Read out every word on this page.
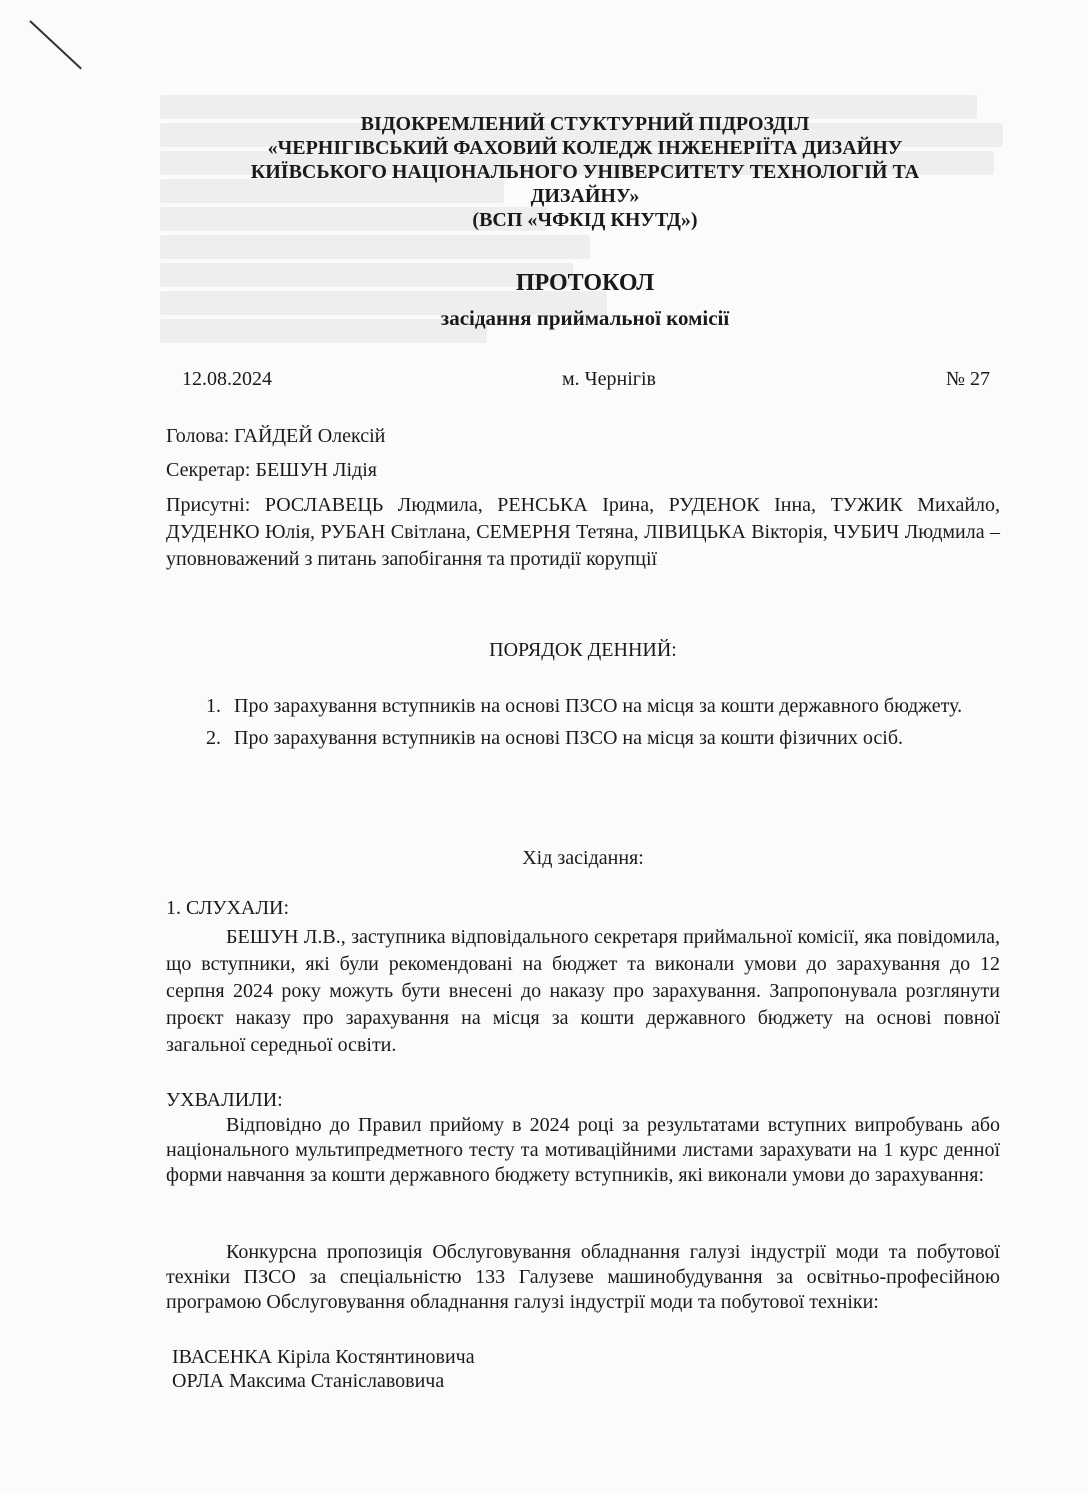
ВІДОКРЕМЛЕНИЙ СТУКТУРНИЙ ПІДРОЗДІЛ
«ЧЕРНІГІВСЬКИЙ ФАХОВИЙ КОЛЕДЖ ІНЖЕНЕРІЇТА ДИЗАЙНУ
КИЇВСЬКОГО НАЦІОНАЛЬНОГО УНІВЕРСИТЕТУ ТЕХНОЛОГІЙ ТА
ДИЗАЙНУ»
(ВСП «ЧФКІД КНУТД»)
ПРОТОКОЛ
засідання приймальної комісії
12.08.2024	м. Чернігів	№ 27
Голова: ГАЙДЕЙ Олексій
Секретар: БЕШУН Лідія
Присутні: РОСЛАВЕЦЬ Людмила, РЕНСЬКА Ірина, РУДЕНОК Інна, ТУЖИК Михайло, ДУДЕНКО Юлія, РУБАН Світлана, СЕМЕРНЯ Тетяна, ЛІВИЦЬКА Вікторія, ЧУБИЧ Людмила – уповноважений з питань запобігання та протидії корупції
ПОРЯДОК ДЕННИЙ:
1. Про зарахування вступників на основі ПЗСО на місця за кошти державного бюджету.
2. Про зарахування вступників на основі ПЗСО на місця за кошти фізичних осіб.
Хід засідання:
1. СЛУХАЛИ:
БЕШУН Л.В., заступника відповідального секретаря приймальної комісії, яка повідомила, що вступники, які були рекомендовані на бюджет та виконали умови до зарахування до 12 серпня 2024 року можуть бути внесені до наказу про зарахування. Запропонувала розглянути проєкт наказу про зарахування на місця за кошти державного бюджету на основі повної загальної середньої освіти.
УХВАЛИЛИ:
Відповідно до Правил прийому в 2024 році за результатами вступних випробувань або національного мультипредметного тесту та мотиваційними листами зарахувати на 1 курс денної форми навчання за кошти державного бюджету вступників, які виконали умови до зарахування:
Конкурсна пропозиція Обслуговування обладнання галузі індустрії моди та побутової техніки ПЗСО за спеціальністю 133 Галузеве машинобудування за освітньо-професійною програмою Обслуговування обладнання галузі індустрії моди та побутової техніки:
ІВАСЕНКА Кіріла Костянтиновича
ОРЛА Максима Станіславовича
